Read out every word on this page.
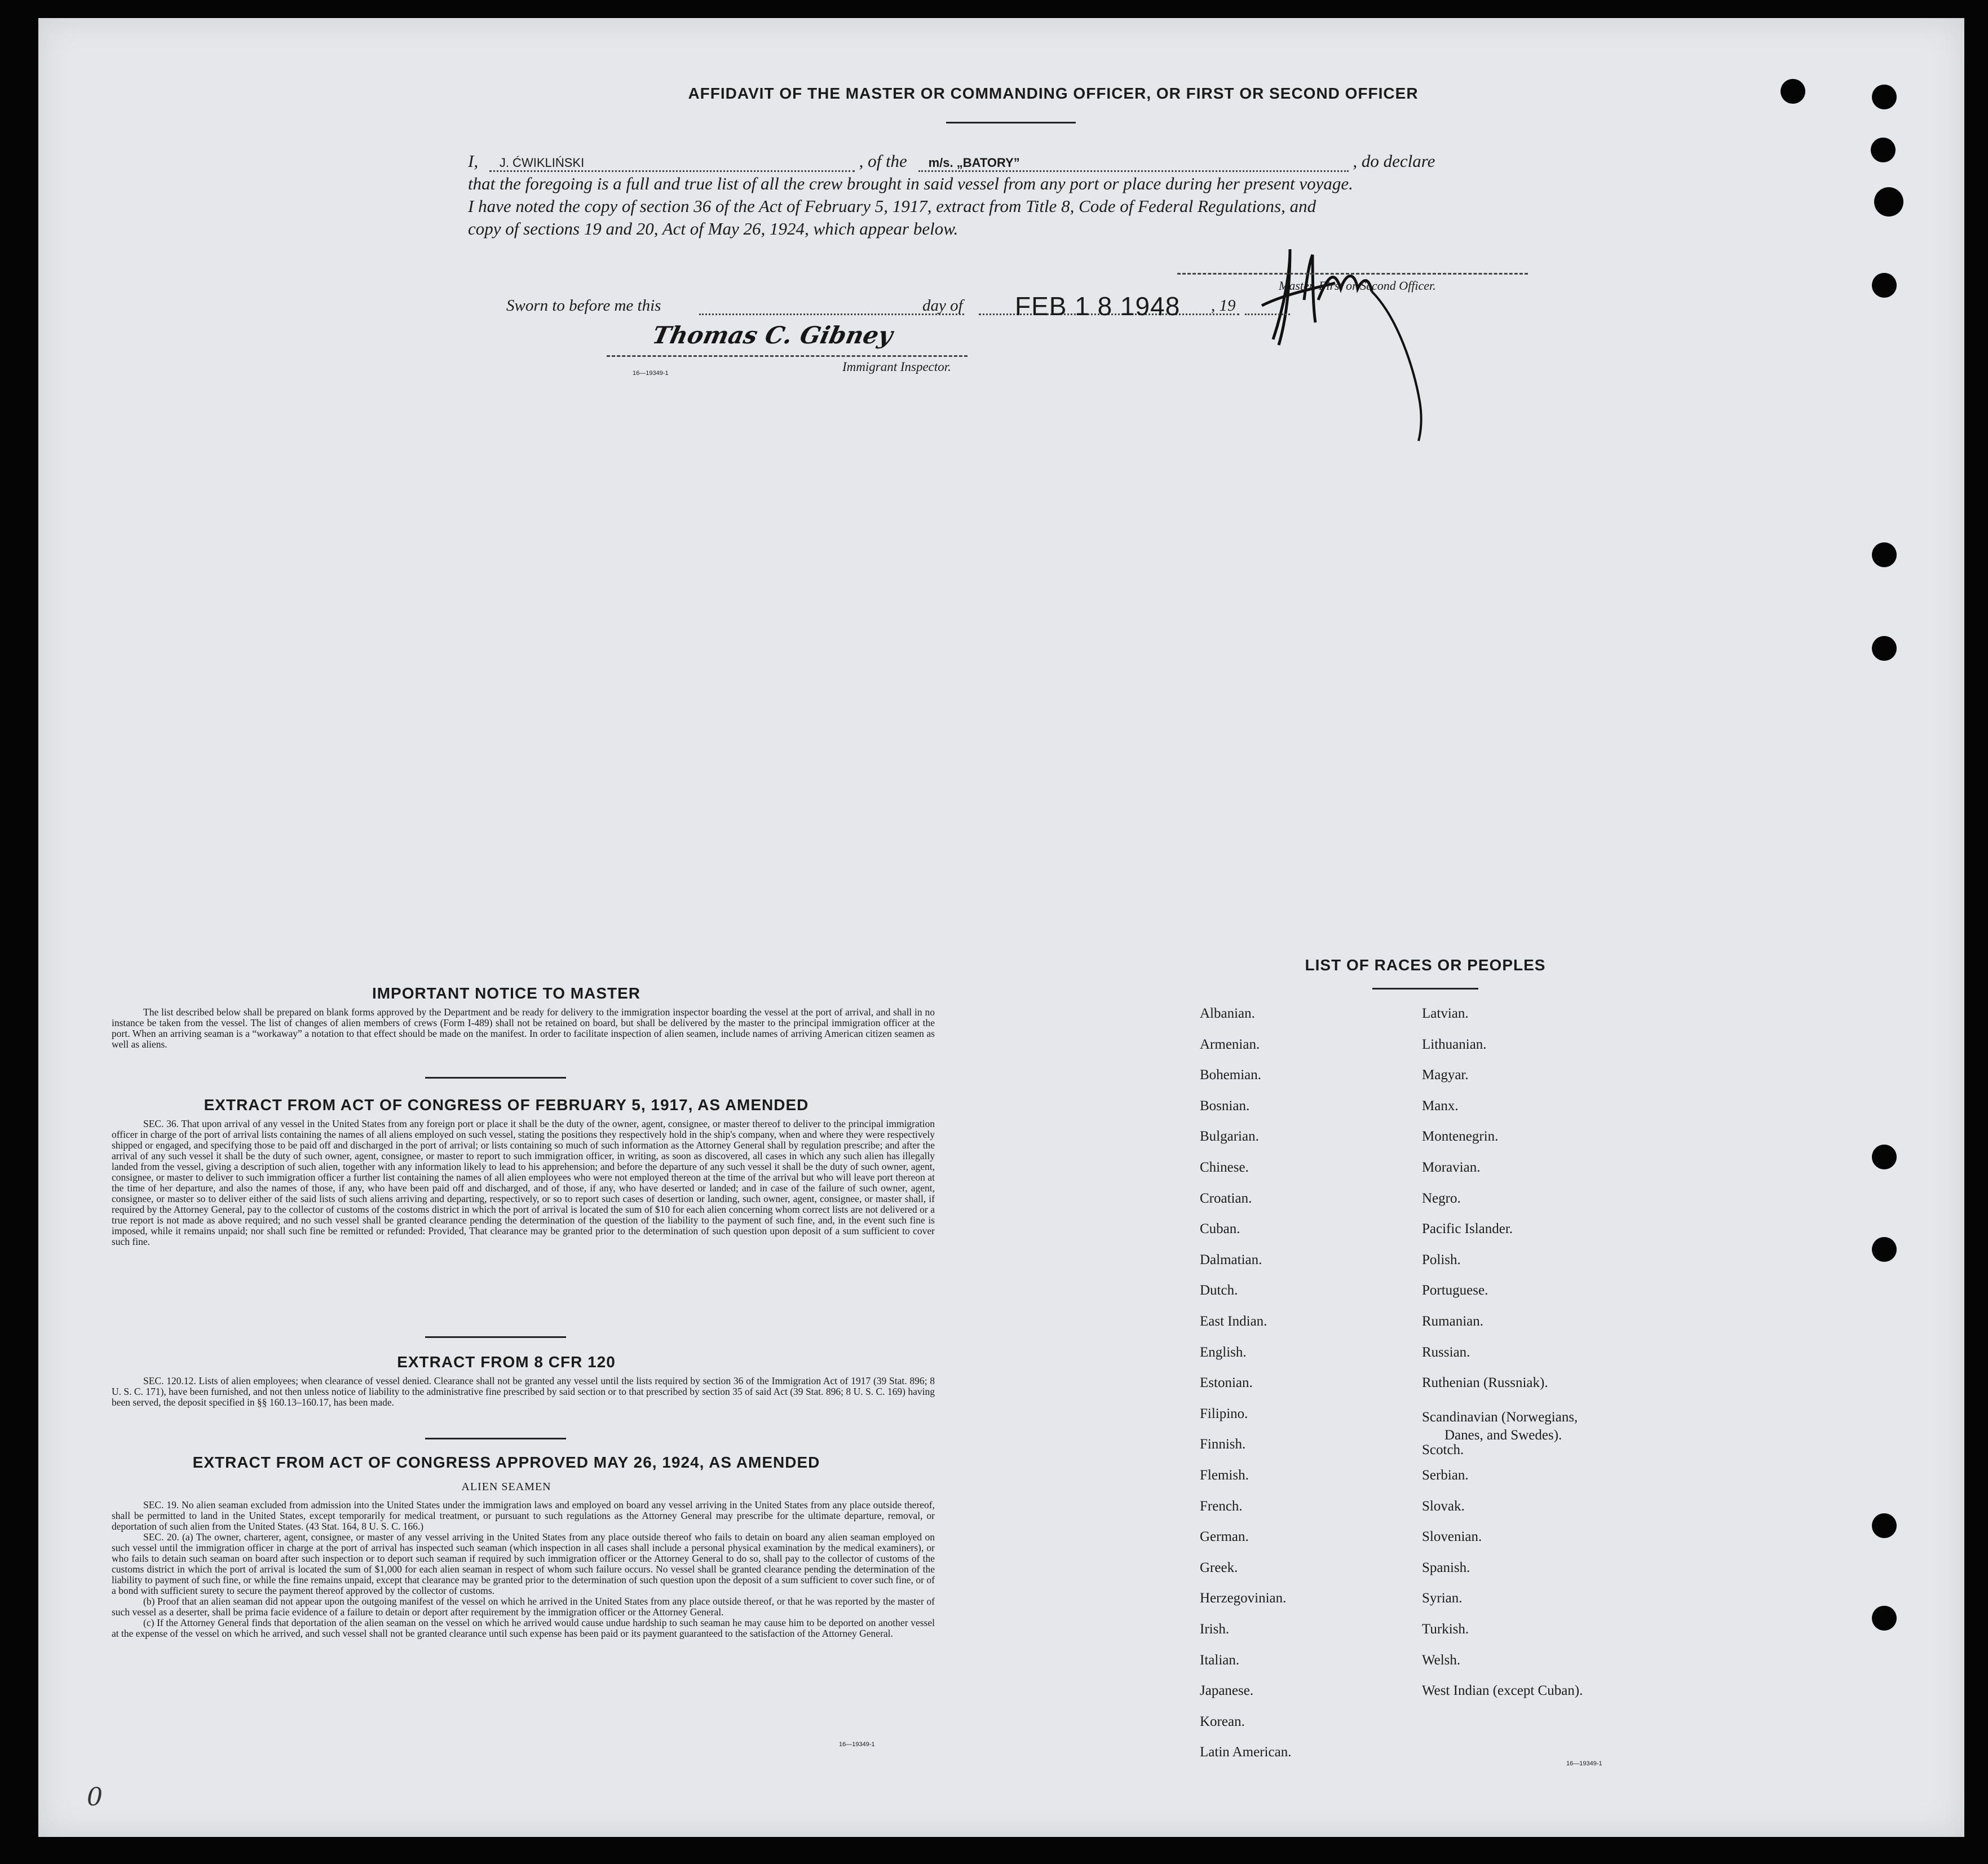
AFFIDAVIT OF THE MASTER OR COMMANDING OFFICER, OR FIRST OR SECOND OFFICER
I, J. ĆWIKLIŃSKI	, of the m/s. „BATORY”	, do declare
that the foregoing is a full and true list of all the crew brought in said vessel from any port or place during her present voyage.
I have noted the copy of section 36 of the Act of February 5, 1917, extract from Title 8, Code of Federal Regulations, and
copy of sections 19 and 20, Act of May 26, 1924, which appear below.
Master, First or Second Officer.
Sworn to before me this	day of FEB 1 8 1948 , 19
Thomas C. Gibney
Immigrant Inspector.
16—19349-1
IMPORTANT NOTICE TO MASTER
The list described below shall be prepared on blank forms approved by the Department and be ready for delivery to the immigration inspector boarding the vessel at the port of arrival, and shall in no instance be taken from the vessel. The list of changes of alien members of crews (Form I-489) shall not be retained on board, but shall be delivered by the master to the principal immigration officer at the port. When an arriving seaman is a “workaway” a notation to that effect should be made on the manifest. In order to facilitate inspection of alien seamen, include names of arriving American citizen seamen as well as aliens.
EXTRACT FROM ACT OF CONGRESS OF FEBRUARY 5, 1917, AS AMENDED
SEC. 36. That upon arrival of any vessel in the United States from any foreign port or place it shall be the duty of the owner, agent, consignee, or master thereof to deliver to the principal immigration officer in charge of the port of arrival lists containing the names of all aliens employed on such vessel, stating the positions they respectively hold in the ship's company, when and where they were respectively shipped or engaged, and specifying those to be paid off and discharged in the port of arrival; or lists containing so much of such information as the Attorney General shall by regulation prescribe; and after the arrival of any such vessel it shall be the duty of such owner, agent, consignee, or master to report to such immigration officer, in writing, as soon as discovered, all cases in which any such alien has illegally landed from the vessel, giving a description of such alien, together with any information likely to lead to his apprehension; and before the departure of any such vessel it shall be the duty of such owner, agent, consignee, or master to deliver to such immigration officer a further list containing the names of all alien employees who were not employed thereon at the time of the arrival but who will leave port thereon at the time of her departure, and also the names of those, if any, who have been paid off and discharged, and of those, if any, who have deserted or landed; and in case of the failure of such owner, agent, consignee, or master so to deliver either of the said lists of such aliens arriving and departing, respectively, or so to report such cases of desertion or landing, such owner, agent, consignee, or master shall, if required by the Attorney General, pay to the collector of customs of the costoms district in which the port of arrival is located the sum of $10 for each alien concerning whom correct lists are not delivered or a true report is not made as above required; and no such vessel shall be granted clearance pending the determination of the question of the liability to the payment of such fine, and, in the event such fine is imposed, while it remains unpaid; nor shall such fine be remitted or refunded: Provided, That clearance may be granted prior to the determination of such question upon deposit of a sum sufficient to cover such fine.
EXTRACT FROM 8 CFR 120
SEC. 120.12. Lists of alien employees; when clearance of vessel denied. Clearance shall not be granted any vessel until the lists required by section 36 of the Immigration Act of 1917 (39 Stat. 896; 8 U. S. C. 171), have been furnished, and not then unless notice of liability to the administrative fine prescribed by said section or to that prescribed by section 35 of said Act (39 Stat. 896; 8 U. S. C. 169) having been served, the deposit specified in §§ 160.13–160.17, has been made.
EXTRACT FROM ACT OF CONGRESS APPROVED MAY 26, 1924, AS AMENDED
ALIEN SEAMEN
SEC. 19. No alien seaman excluded from admission into the United States under the immigration laws and employed on board any vessel arriving in the United States from any place outside thereof, shall be permitted to land in the United States, except temporarily for medical treatment, or pursuant to such regulations as the Attorney General may prescribe for the ultimate departure, removal, or deportation of such alien from the United States. (43 Stat. 164, 8 U. S. C. 166.)
SEC. 20. (a) The owner, charterer, agent, consignee, or master of any vessel arriving in the United States from any place outside thereof who fails to detain on board any alien seaman employed on such vessel until the immigration officer in charge at the port of arrival has inspected such seaman (which inspection in all cases shall include a personal physical examination by the medical examiners), or who fails to detain such seaman on board after such inspection or to deport such seaman if required by such immigration officer or the Attorney General to do so, shall pay to the collector of customs of the customs district in which the port of arrival is located the sum of $1,000 for each alien seaman in respect of whom such failure occurs. No vessel shall be granted clearance pending the determination of the liability to payment of such fine, or while the fine remains unpaid, except that clearance may be granted prior to the determination of such question upon the deposit of a sum sufficient to cover such fine, or of a bond with sufficient surety to secure the payment thereof approved by the collector of customs.
(b) Proof that an alien seaman did not appear upon the outgoing manifest of the vessel on which he arrived in the United States from any place outside thereof, or that he was reported by the master of such vessel as a deserter, shall be prima facie evidence of a failure to detain or deport after requirement by the immigration officer or the Attorney General.
(c) If the Attorney General finds that deportation of the alien seaman on the vessel on which he arrived would cause undue hardship to such seaman he may cause him to be deported on another vessel at the expense of the vessel on which he arrived, and such vessel shall not be granted clearance until such expense has been paid or its payment guaranteed to the satisfaction of the Attorney General.
16—19349-1
LIST OF RACES OR PEOPLES
16—19349-1
0
Albanian.
Armenian.
Bohemian.
Bosnian.
Bulgarian.
Chinese.
Croatian.
Cuban.
Dalmatian.
Dutch.
East Indian.
English.
Estonian.
Filipino.
Finnish.
Flemish.
French.
German.
Greek.
Herzegovinian.
Irish.
Italian.
Japanese.
Korean.
Latin American.
Latvian.
Lithuanian.
Magyar.
Manx.
Montenegrin.
Moravian.
Negro.
Pacific Islander.
Polish.
Portuguese.
Rumanian.
Russian.
Ruthenian (Russniak).
Scandinavian (Norwegians,
Danes, and Swedes).
Scotch.
Serbian.
Slovak.
Slovenian.
Spanish.
Syrian.
Turkish.
Welsh.
West Indian (except Cuban).
